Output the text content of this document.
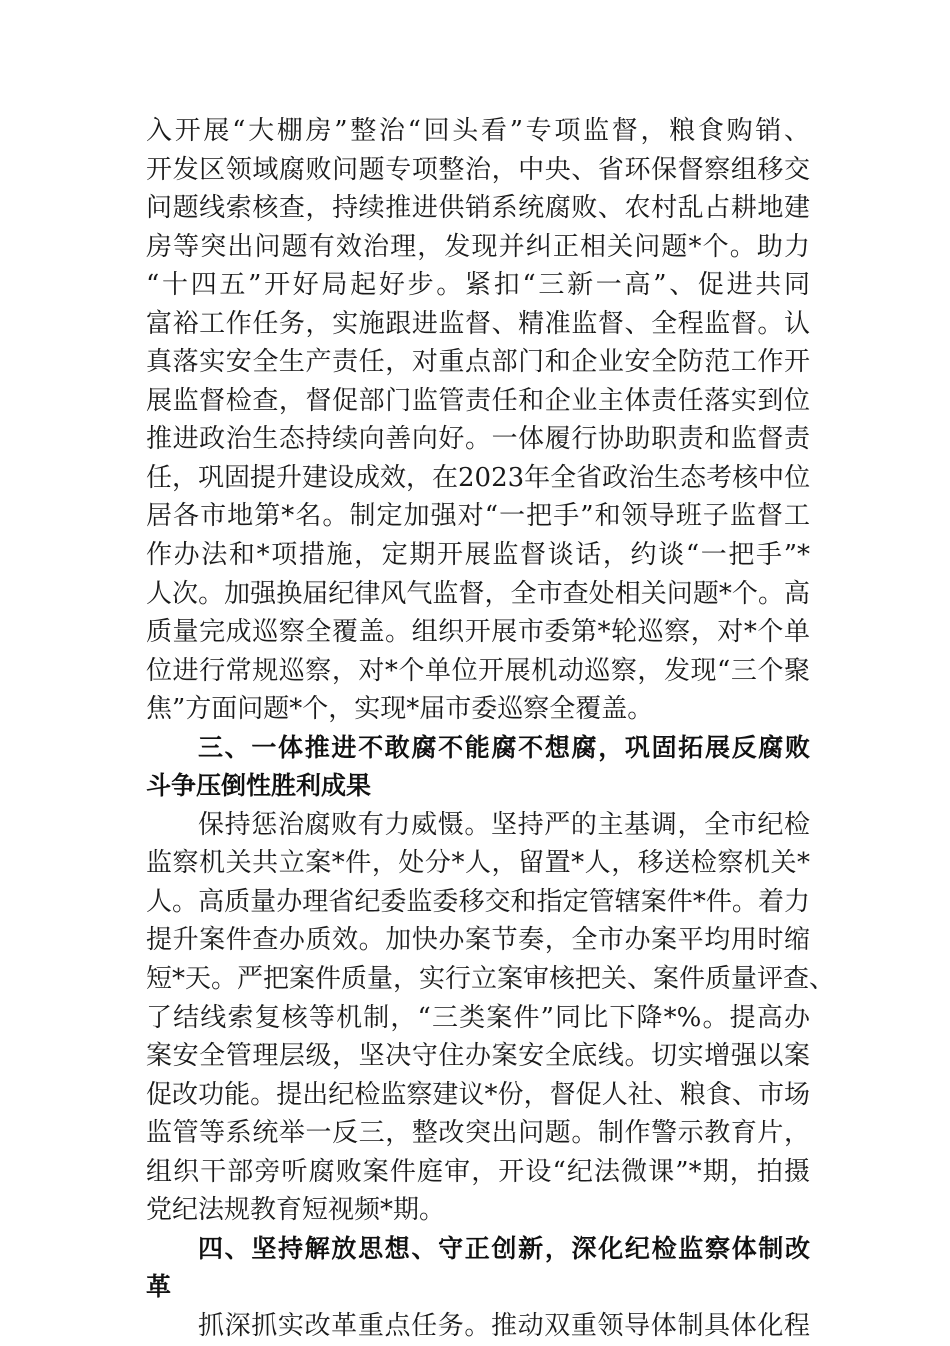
入开展“大棚房”整治“回头看”专项监督，粮食购销、
开发区领域腐败问题专项整治，中央、省环保督察组移交
问题线索核查，持续推进供销系统腐败、农村乱占耕地建
房等突出问题有效治理，发现并纠正相关问题*个。助力
“十四五”开好局起好步。紧扣“三新一高”、促进共同
富裕工作任务，实施跟进监督、精准监督、全程监督。认
真落实安全生产责任，对重点部门和企业安全防范工作开
展监督检查，督促部门监管责任和企业主体责任落实到位
推进政治生态持续向善向好。一体履行协助职责和监督责
任，巩固提升建设成效，在2023年全省政治生态考核中位
居各市地第*名。制定加强对“一把手”和领导班子监督工
作办法和*项措施，定期开展监督谈话，约谈“一把手”*
人次。加强换届纪律风气监督，全市查处相关问题*个。高
质量完成巡察全覆盖。组织开展市委第*轮巡察，对*个单
位进行常规巡察，对*个单位开展机动巡察，发现“三个聚
焦”方面问题*个，实现*届市委巡察全覆盖。
三、一体推进不敢腐不能腐不想腐，巩固拓展反腐败
斗争压倒性胜利成果
保持惩治腐败有力威慑。坚持严的主基调，全市纪检
监察机关共立案*件，处分*人，留置*人，移送检察机关*
人。高质量办理省纪委监委移交和指定管辖案件*件。着力
提升案件查办质效。加快办案节奏，全市办案平均用时缩
短*天。严把案件质量，实行立案审核把关、案件质量评查、
了结线索复核等机制，“三类案件”同比下降*%。提高办
案安全管理层级，坚决守住办案安全底线。切实增强以案
促改功能。提出纪检监察建议*份，督促人社、粮食、市场
监管等系统举一反三，整改突出问题。制作警示教育片，
组织干部旁听腐败案件庭审，开设“纪法微课”*期，拍摄
党纪法规教育短视频*期。
四、坚持解放思想、守正创新，深化纪检监察体制改
革
抓深抓实改革重点任务。推动双重领导体制具体化程
